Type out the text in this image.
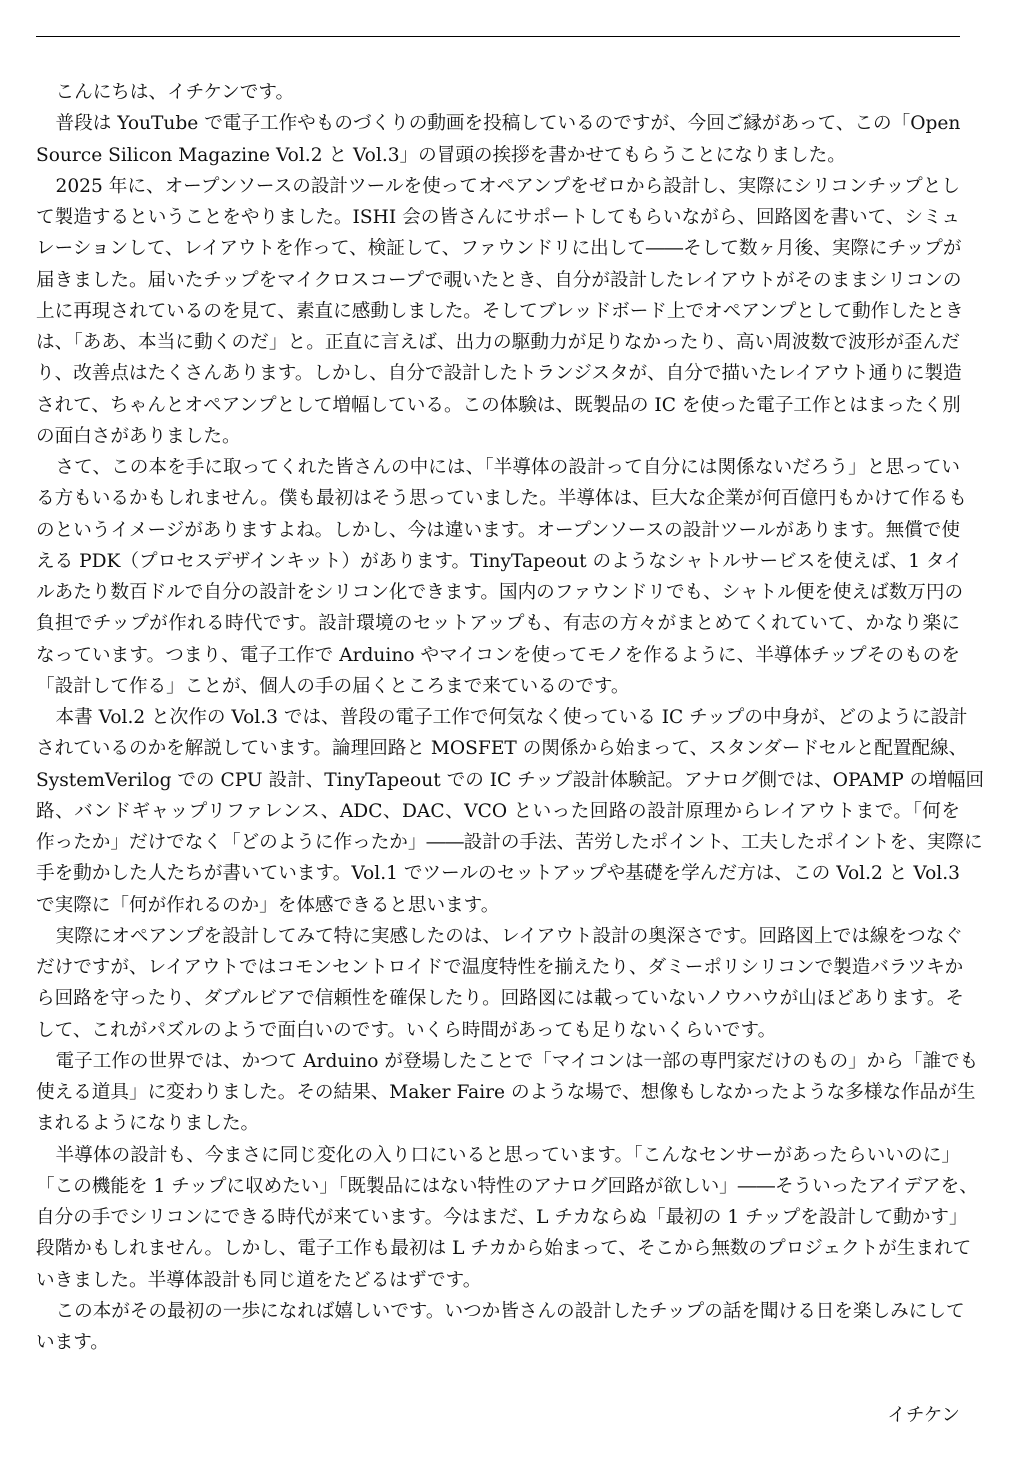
こんにちは、イチケンです。
普段は YouTube で電子工作やものづくりの動画を投稿しているのですが、今回ご縁があって、この「Open
Source Silicon Magazine Vol.2 と Vol.3」の冒頭の挨拶を書かせてもらうことになりました。
2025 年に、オープンソースの設計ツールを使ってオペアンプをゼロから設計し、実際にシリコンチップとし
て製造するということをやりました。ISHI 会の皆さんにサポートしてもらいながら、回路図を書いて、シミュ
レーションして、レイアウトを作って、検証して、ファウンドリに出して――そして数ヶ月後、実際にチップが
届きました。届いたチップをマイクロスコープで覗いたとき、自分が設計したレイアウトがそのままシリコンの
上に再現されているのを見て、素直に感動しました。そしてブレッドボード上でオペアンプとして動作したとき
は、「ああ、本当に動くのだ」と。正直に言えば、出力の駆動力が足りなかったり、高い周波数で波形が歪んだ
り、改善点はたくさんあります。しかし、自分で設計したトランジスタが、自分で描いたレイアウト通りに製造
されて、ちゃんとオペアンプとして増幅している。この体験は、既製品の IC を使った電子工作とはまったく別
の面白さがありました。
さて、この本を手に取ってくれた皆さんの中には、「半導体の設計って自分には関係ないだろう」と思ってい
る方もいるかもしれません。僕も最初はそう思っていました。半導体は、巨大な企業が何百億円もかけて作るも
のというイメージがありますよね。しかし、今は違います。オープンソースの設計ツールがあります。無償で使
える PDK（プロセスデザインキット）があります。TinyTapeout のようなシャトルサービスを使えば、1 タイ
ルあたり数百ドルで自分の設計をシリコン化できます。国内のファウンドリでも、シャトル便を使えば数万円の
負担でチップが作れる時代です。設計環境のセットアップも、有志の方々がまとめてくれていて、かなり楽に
なっています。つまり、電子工作で Arduino やマイコンを使ってモノを作るように、半導体チップそのものを
「設計して作る」ことが、個人の手の届くところまで来ているのです。
本書 Vol.2 と次作の Vol.3 では、普段の電子工作で何気なく使っている IC チップの中身が、どのように設計
されているのかを解説しています。論理回路と MOSFET の関係から始まって、スタンダードセルと配置配線、
SystemVerilog での CPU 設計、TinyTapeout での IC チップ設計体験記。アナログ側では、OPAMP の増幅回
路、バンドギャップリファレンス、ADC、DAC、VCO といった回路の設計原理からレイアウトまで。「何を
作ったか」だけでなく「どのように作ったか」――設計の手法、苦労したポイント、工夫したポイントを、実際に
手を動かした人たちが書いています。Vol.1 でツールのセットアップや基礎を学んだ方は、この Vol.2 と Vol.3
で実際に「何が作れるのか」を体感できると思います。
実際にオペアンプを設計してみて特に実感したのは、レイアウト設計の奥深さです。回路図上では線をつなぐ
だけですが、レイアウトではコモンセントロイドで温度特性を揃えたり、ダミーポリシリコンで製造バラツキか
ら回路を守ったり、ダブルビアで信頼性を確保したり。回路図には載っていないノウハウが山ほどあります。そ
して、これがパズルのようで面白いのです。いくら時間があっても足りないくらいです。
電子工作の世界では、かつて Arduino が登場したことで「マイコンは一部の専門家だけのもの」から「誰でも
使える道具」に変わりました。その結果、Maker Faire のような場で、想像もしなかったような多様な作品が生
まれるようになりました。
半導体の設計も、今まさに同じ変化の入り口にいると思っています。「こんなセンサーがあったらいいのに」
「この機能を 1 チップに収めたい」「既製品にはない特性のアナログ回路が欲しい」――そういったアイデアを、
自分の手でシリコンにできる時代が来ています。今はまだ、L チカならぬ「最初の 1 チップを設計して動かす」
段階かもしれません。しかし、電子工作も最初は L チカから始まって、そこから無数のプロジェクトが生まれて
いきました。半導体設計も同じ道をたどるはずです。
この本がその最初の一歩になれば嬉しいです。いつか皆さんの設計したチップの話を聞ける日を楽しみにして
います。
イチケン
